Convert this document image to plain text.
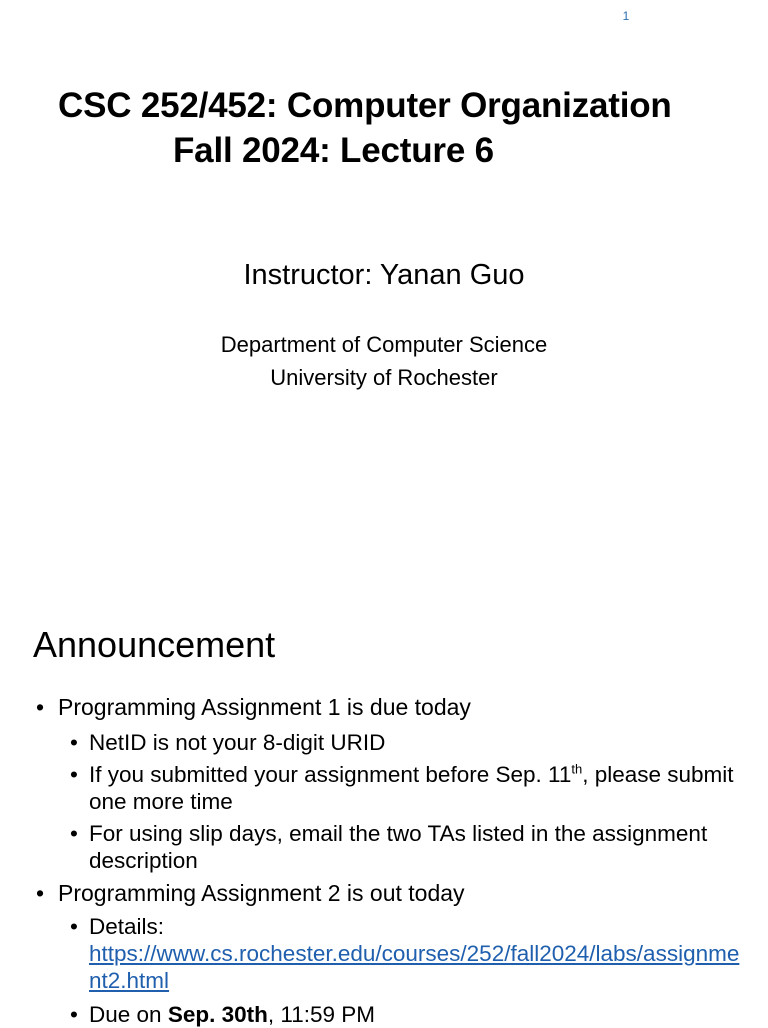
1
CSC 252/452: Computer Organization
Fall 2024: Lecture 6
Instructor: Yanan Guo
Department of Computer Science
University of Rochester
Announcement
• Programming Assignment 1 is due today
• NetID is not your 8-digit URID
• If you submitted your assignment before Sep. 11th, please submit one more time
• For using slip days, email the two TAs listed in the assignment description
• Programming Assignment 2 is out today
• Details:
https://www.cs.rochester.edu/courses/252/fall2024/labs/assignment2.html
• Due on Sep. 30th, 11:59 PM
